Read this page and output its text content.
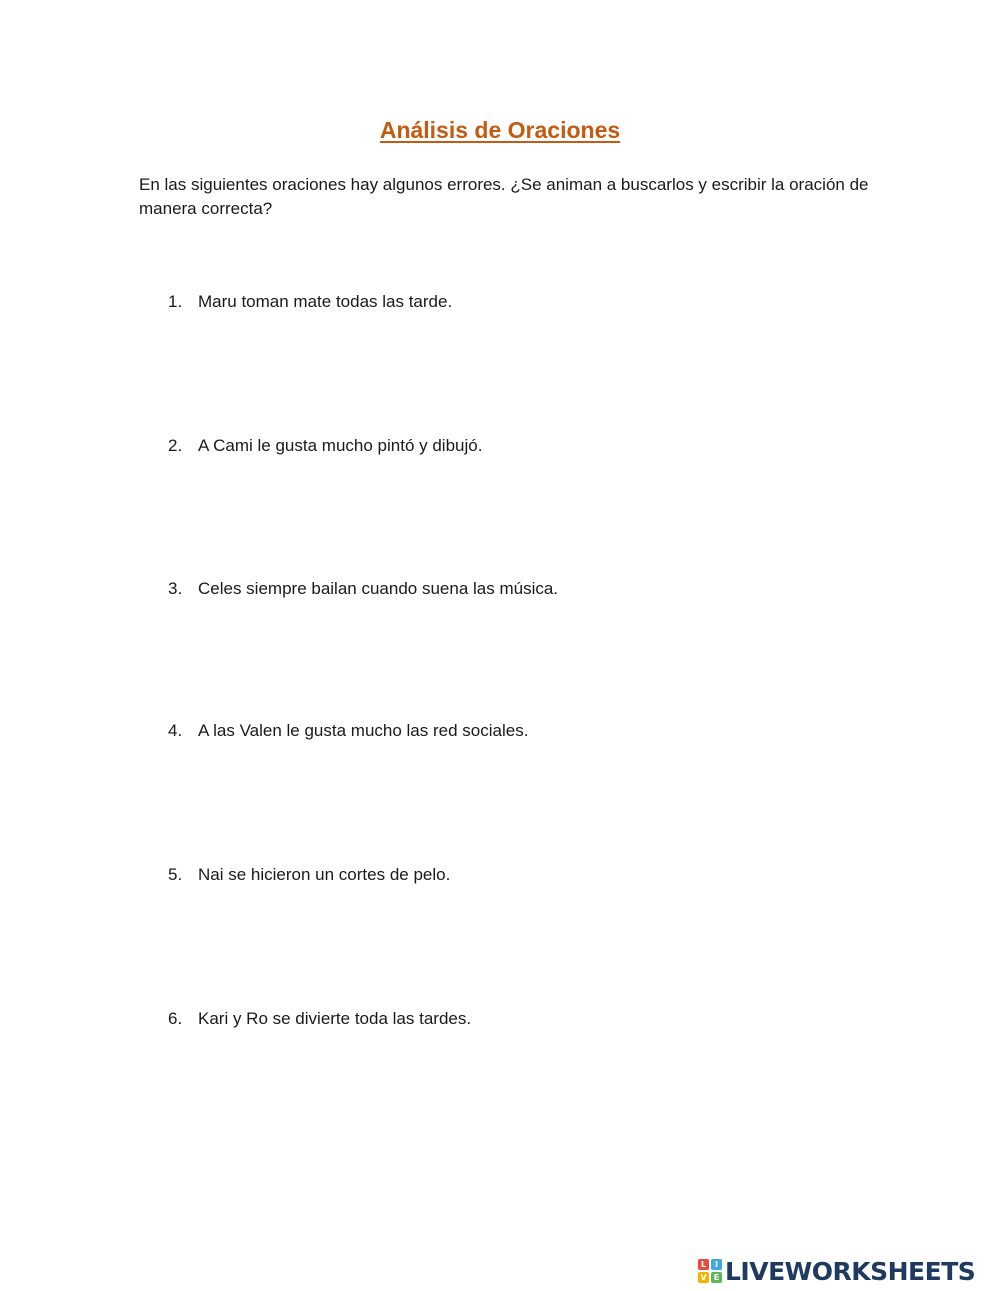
Análisis de Oraciones

En las siguientes oraciones hay algunos errores. ¿Se animan a buscarlos y escribir la oración de manera correcta?

1. Maru toman mate todas las tarde.
2. A Cami le gusta mucho pintó y dibujó.
3. Celes siempre bailan cuando suena las música.
4. A las Valen le gusta mucho las red sociales.
5. Nai se hicieron un cortes de pelo.
6. Kari y Ro se divierte toda las tardes.
L	I
V E LIVEWORKSHEETS
